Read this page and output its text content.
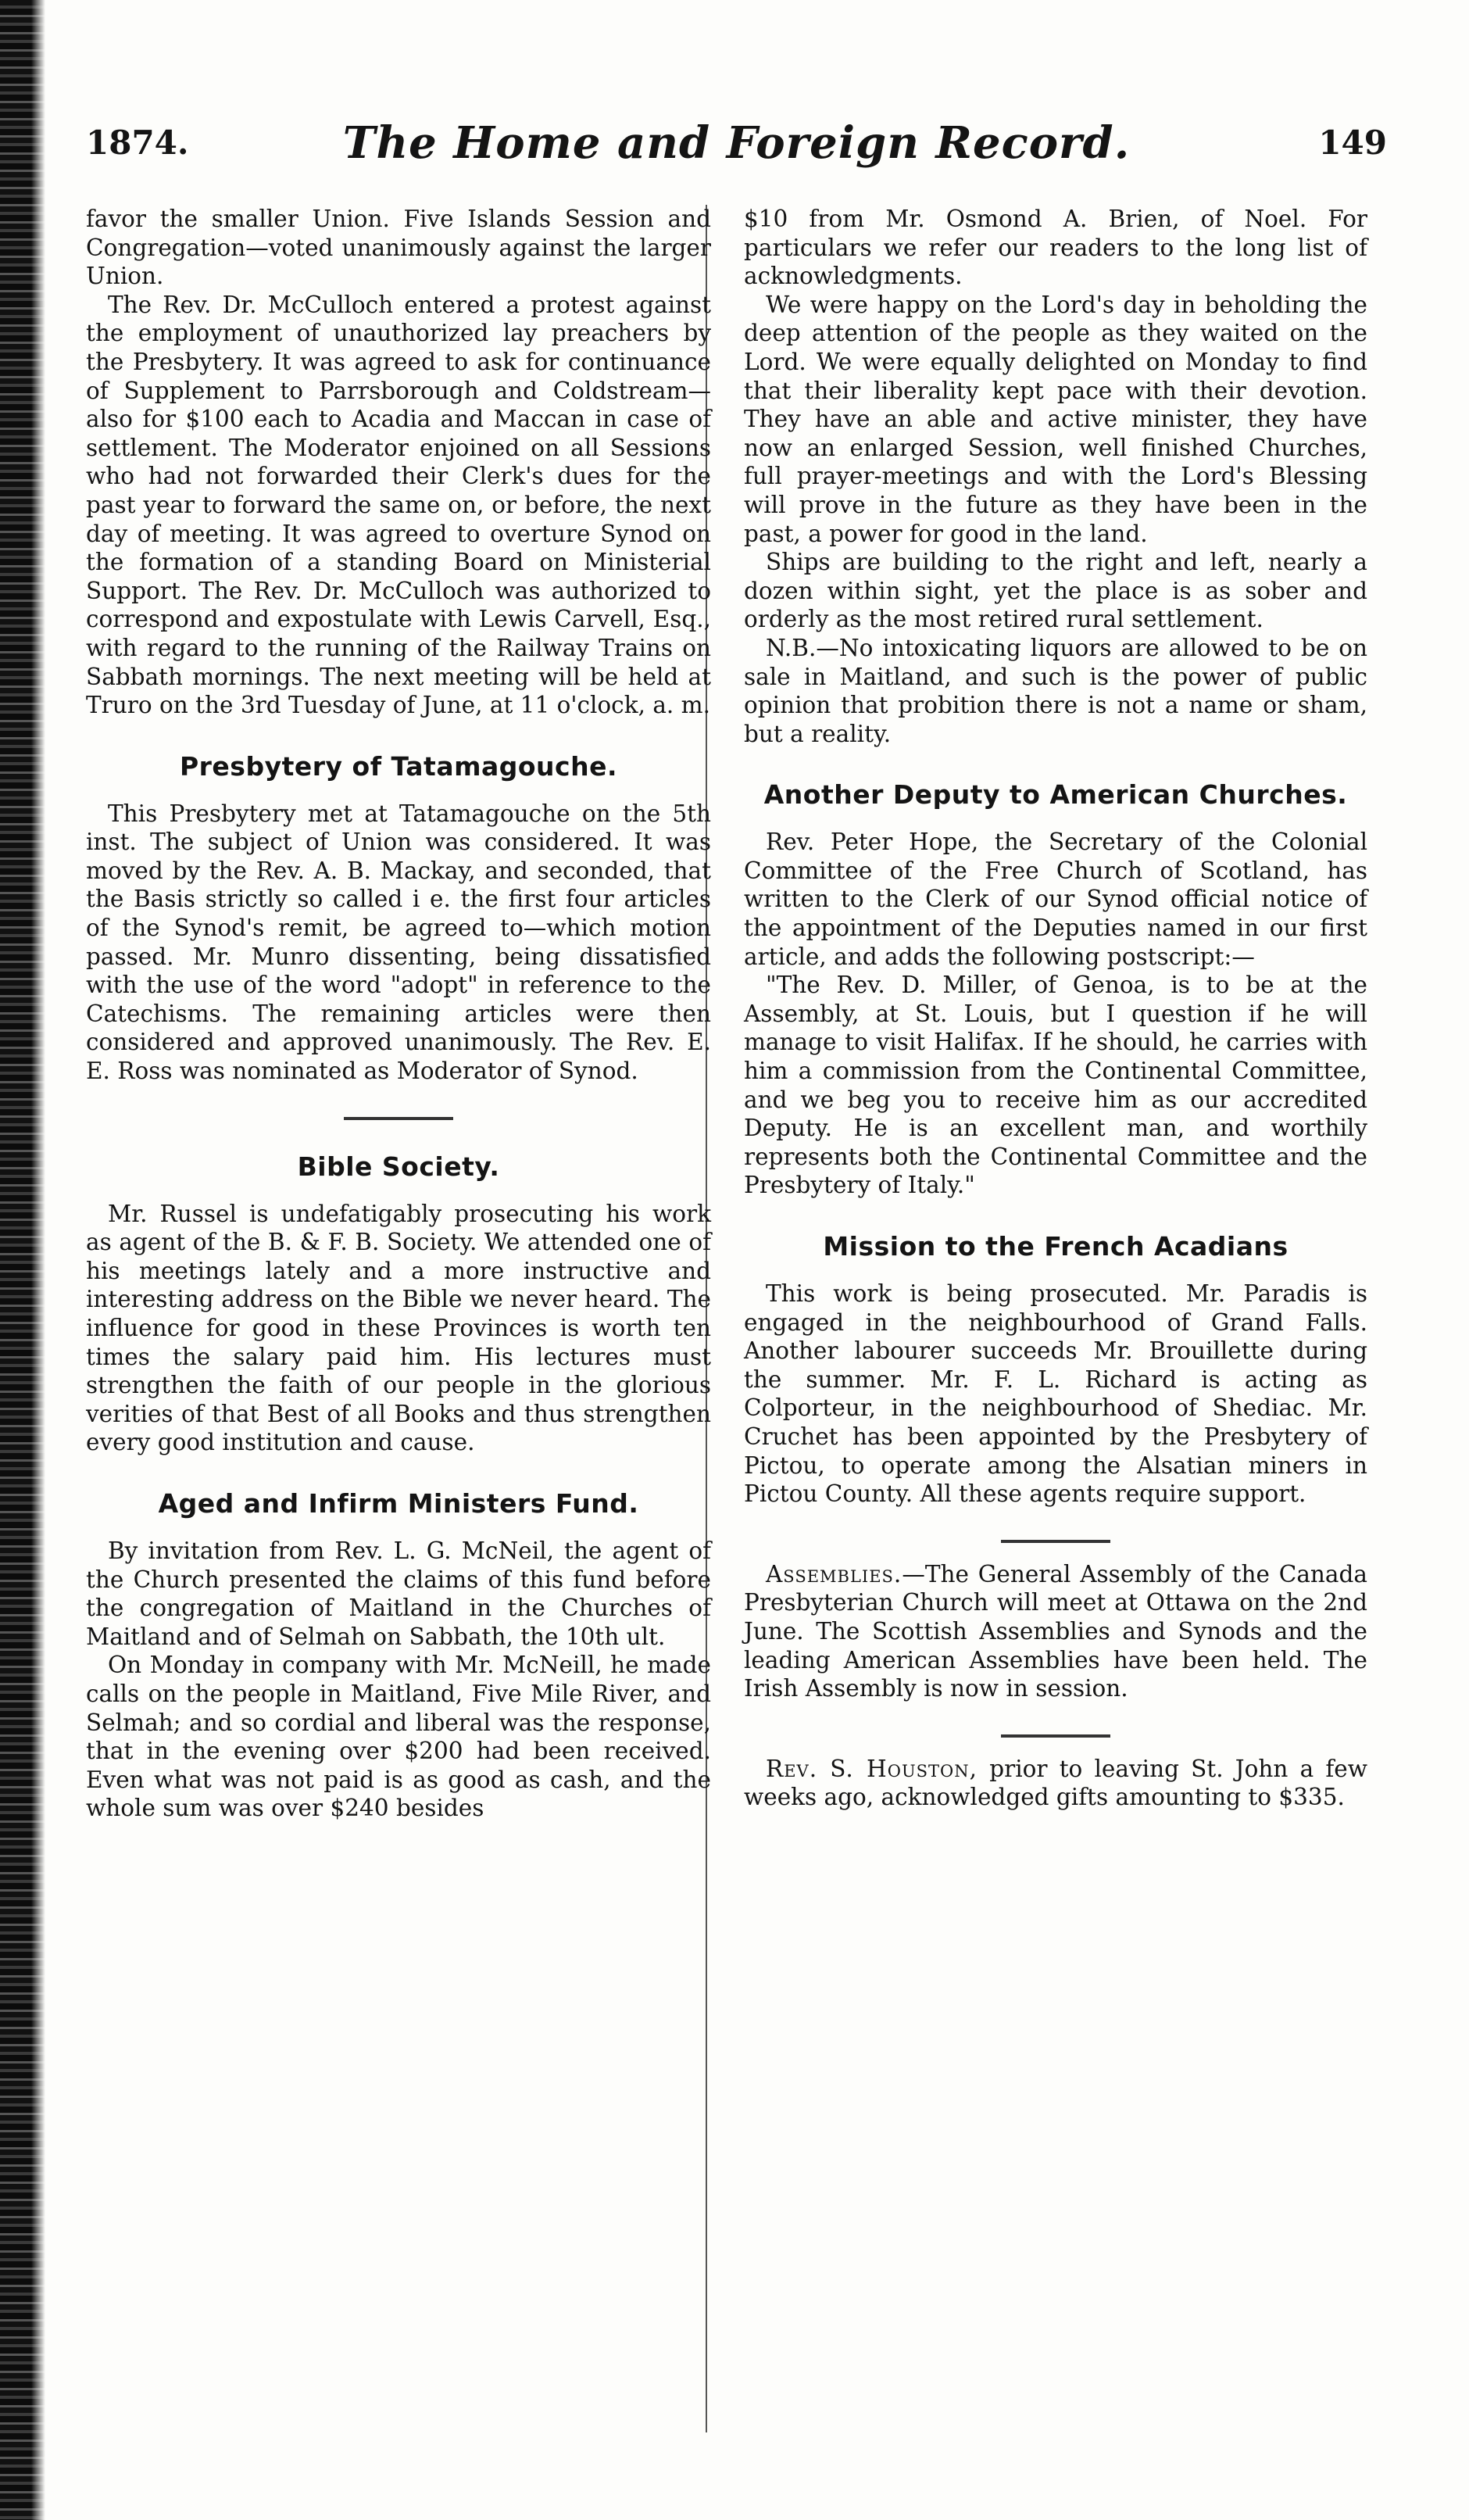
1874.	The Home and Foreign Record.	149

favor the smaller Union. Five Islands Session and Congregation—voted unanimously against the larger Union.

The Rev. Dr. McCulloch entered a protest against the employment of unauthorized lay preachers by the Presbytery. It was agreed to ask for continuance of Supplement to Parrsborough and Coldstream—also for $100 each to Acadia and Maccan in case of settlement. The Moderator enjoined on all Sessions who had not forwarded their Clerk's dues for the past year to forward the same on, or before, the next day of meeting. It was agreed to overture Synod on the formation of a standing Board on Ministerial Support. The Rev. Dr. McCulloch was authorized to correspond and expostulate with Lewis Carvell, Esq., with regard to the running of the Railway Trains on Sabbath mornings. The next meeting will be held at Truro on the 3rd Tuesday of June, at 11 o'clock, a. m.

Presbytery of Tatamagouche.

This Presbytery met at Tatamagouche on the 5th inst. The subject of Union was considered. It was moved by the Rev. A. B. Mackay, and seconded, that the Basis strictly so called i e. the first four articles of the Synod's remit, be agreed to—which motion passed. Mr. Munro dissenting, being dissatisfied with the use of the word "adopt" in reference to the Catechisms. The remaining articles were then considered and approved unanimously. The Rev. E. E. Ross was nominated as Moderator of Synod.

Bible Society.

Mr. Russel is undefatigably prosecuting his work as agent of the B. & F. B. Society. We attended one of his meetings lately and a more instructive and interesting address on the Bible we never heard. The influence for good in these Provinces is worth ten times the salary paid him. His lectures must strengthen the faith of our people in the glorious verities of that Best of all Books and thus strengthen every good institution and cause.

Aged and Infirm Ministers Fund.

By invitation from Rev. L. G. McNeil, the agent of the Church presented the claims of this fund before the congregation of Maitland in the Churches of Maitland and of Selmah on Sabbath, the 10th ult.

On Monday in company with Mr. McNeill, he made calls on the people in Maitland, Five Mile River, and Selmah; and so cordial and liberal was the response, that in the evening over $200 had been received. Even what was not paid is as good as cash, and the whole sum was over $240 besides

$10 from Mr. Osmond A. Brien, of Noel. For particulars we refer our readers to the long list of acknowledgments.

We were happy on the Lord's day in beholding the deep attention of the people as they waited on the Lord. We were equally delighted on Monday to find that their liberality kept pace with their devotion. They have an able and active minister, they have now an enlarged Session, well finished Churches, full prayer-meetings and with the Lord's Blessing will prove in the future as they have been in the past, a power for good in the land.

Ships are building to the right and left, nearly a dozen within sight, yet the place is as sober and orderly as the most retired rural settlement.

N.B.—No intoxicating liquors are allowed to be on sale in Maitland, and such is the power of public opinion that probition there is not a name or sham, but a reality.

Another Deputy to American Churches.

Rev. Peter Hope, the Secretary of the Colonial Committee of the Free Church of Scotland, has written to the Clerk of our Synod official notice of the appointment of the Deputies named in our first article, and adds the following postscript:—

"The Rev. D. Miller, of Genoa, is to be at the Assembly, at St. Louis, but I question if he will manage to visit Halifax. If he should, he carries with him a commission from the Continental Committee, and we beg you to receive him as our accredited Deputy. He is an excellent man, and worthily represents both the Continental Committee and the Presbytery of Italy."

Mission to the French Acadians

This work is being prosecuted. Mr. Paradis is engaged in the neighbourhood of Grand Falls. Another labourer succeeds Mr. Brouillette during the summer. Mr. F. L. Richard is acting as Colporteur, in the neighbourhood of Shediac. Mr. Cruchet has been appointed by the Presbytery of Pictou, to operate among the Alsatian miners in Pictou County. All these agents require support.

Assemblies.—The General Assembly of the Canada Presbyterian Church will meet at Ottawa on the 2nd June. The Scottish Assemblies and Synods and the leading American Assemblies have been held. The Irish Assembly is now in session.

Rev. S. Houston, prior to leaving St. John a few weeks ago, acknowledged gifts amounting to $335.
